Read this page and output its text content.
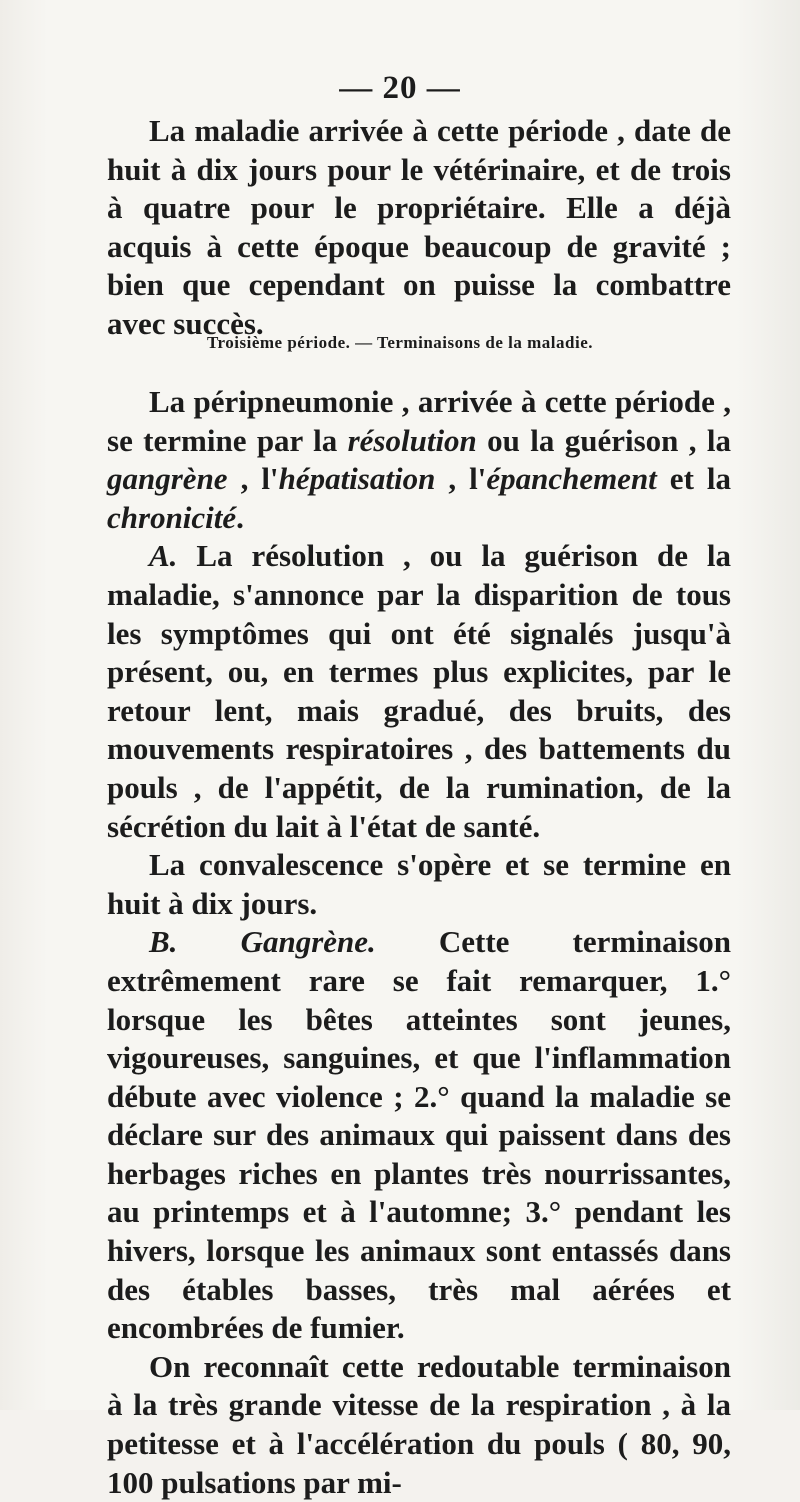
— 20 —

La maladie arrivée à cette période , date de huit à dix jours pour le vétérinaire, et de trois à quatre pour le propriétaire. Elle a déjà acquis à cette époque beaucoup de gravité ; bien que cependant on puisse la combattre avec succès.

Troisième période. — Terminaisons de la maladie.

La péripneumonie , arrivée à cette période , se termine par la résolution ou la guérison , la gangrène , l'hépatisation , l'épanchement et la chronicité.

A. La résolution , ou la guérison de la maladie, s'annonce par la disparition de tous les symptômes qui ont été signalés jusqu'à présent, ou, en termes plus explicites, par le retour lent, mais gradué, des bruits, des mouvements respiratoires , des battements du pouls , de l'appétit, de la rumination, de la sécrétion du lait à l'état de santé.

La convalescence s'opère et se termine en huit à dix jours.

B. Gangrène. Cette terminaison extrêmement rare se fait remarquer, 1.° lorsque les bêtes atteintes sont jeunes, vigoureuses, sanguines, et que l'inflammation débute avec violence ; 2.° quand la maladie se déclare sur des animaux qui paissent dans des herbages riches en plantes très nourrissantes, au printemps et à l'automne; 3.° pendant les hivers, lorsque les animaux sont entassés dans des étables basses, très mal aérées et encombrées de fumier.

On reconnaît cette redoutable terminaison à la très grande vitesse de la respiration , à la petitesse et à l'accélération du pouls ( 80, 90, 100 pulsations par mi-
